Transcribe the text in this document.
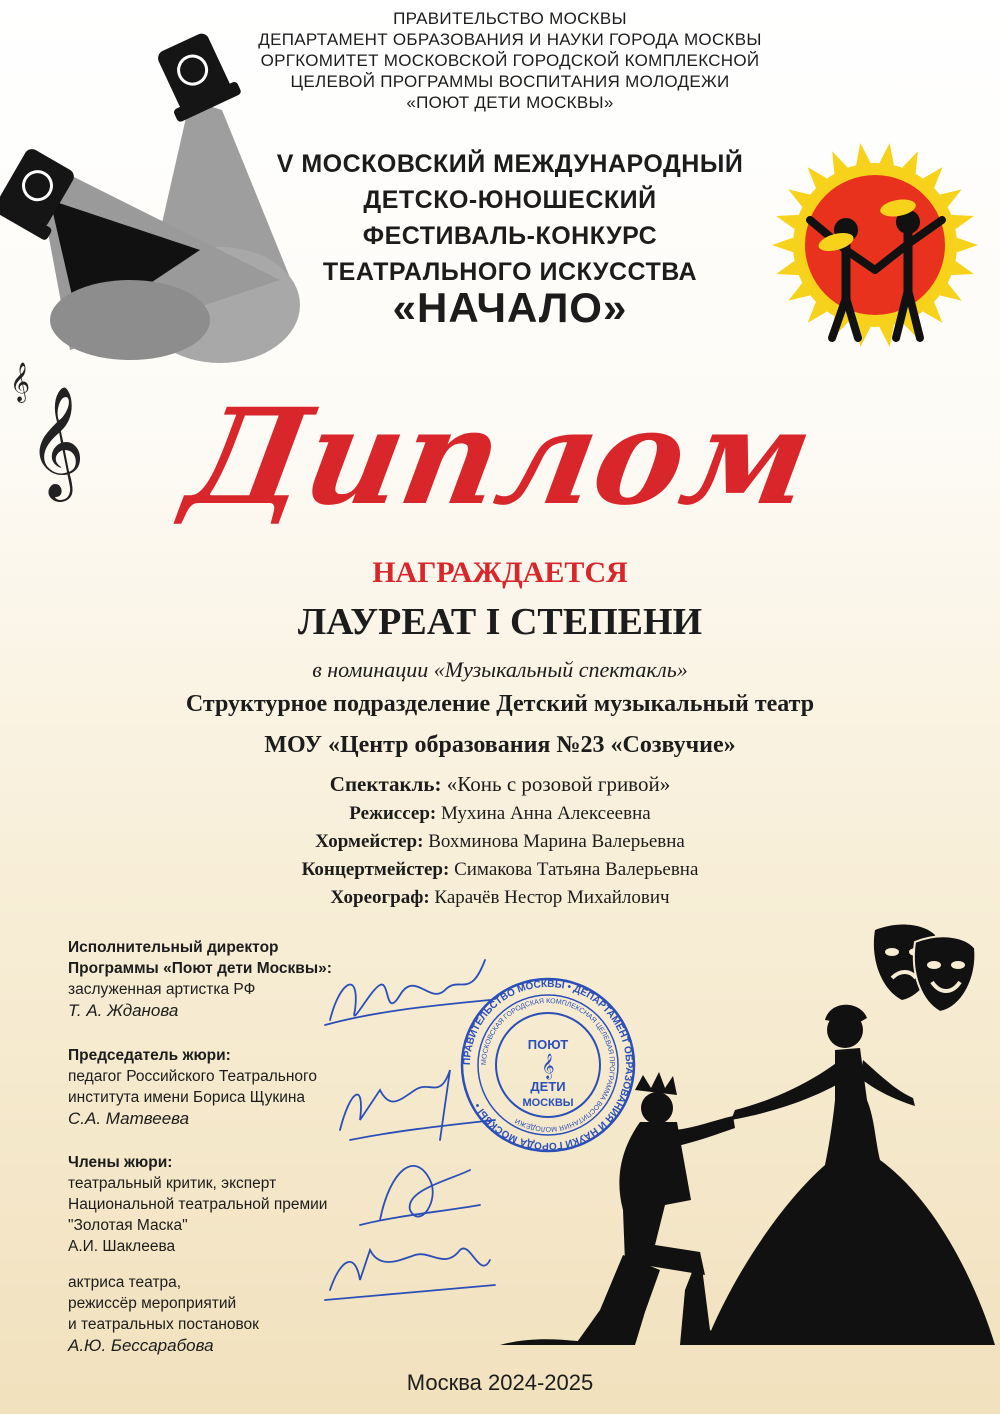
𝄞
𝄞
ПРАВИТЕЛЬСТВО МОСКВЫ
ДЕПАРТАМЕНТ ОБРАЗОВАНИЯ И НАУКИ ГОРОДА МОСКВЫ
ОРГКОМИТЕТ МОСКОВСКОЙ ГОРОДСКОЙ КОМПЛЕКСНОЙ
ЦЕЛЕВОЙ ПРОГРАММЫ ВОСПИТАНИЯ МОЛОДЕЖИ
«ПОЮТ ДЕТИ МОСКВЫ»
V МОСКОВСКИЙ МЕЖДУНАРОДНЫЙ
ДЕТСКО-ЮНОШЕСКИЙ
ФЕСТИВАЛЬ-КОНКУРС
ТЕАТРАЛЬНОГО ИСКУССТВА
«НАЧАЛО»
Диплом
НАГРАЖДАЕТСЯ
ЛАУРЕАТ I СТЕПЕНИ
в номинации «Музыкальный спектакль»
Структурное подразделение Детский музыкальный театр
МОУ «Центр образования №23 «Созвучие»
Спектакль: «Конь с розовой гривой»
Режиссер: Мухина Анна Алексеевна
Хормейстер: Вохминова Марина Валерьевна
Концертмейстер: Симакова Татьяна Валерьевна
Хореограф: Карачёв Нестор Михайлович
Исполнительный директор
Программы «Поют дети Москвы»:
заслуженная артистка РФ
Т. А. Жданова
Председатель жюри:
педагог Российского Театрального
института имени Бориса Щукина
С.А. Матвеева
Члены жюри:
театральный критик, эксперт
Национальной театральной премии
"Золотая Маска"
А.И. Шаклеева
актриса театра,
режиссёр мероприятий
и театральных постановок
А.Ю. Бессарабова
ПРАВИТЕЛЬСТВО МОСКВЫ • ДЕПАРТАМЕНТ ОБРАЗОВАНИЯ И НАУКИ ГОРОДА МОСКВЫ •
МОСКОВСКАЯ ГОРОДСКАЯ КОМПЛЕКСНАЯ ЦЕЛЕВАЯ ПРОГРАММА ВОСПИТАНИЯ МОЛОДЕЖИ
ПОЮТ
𝄞
ДЕТИ
МОСКВЫ
Москва 2024-2025
